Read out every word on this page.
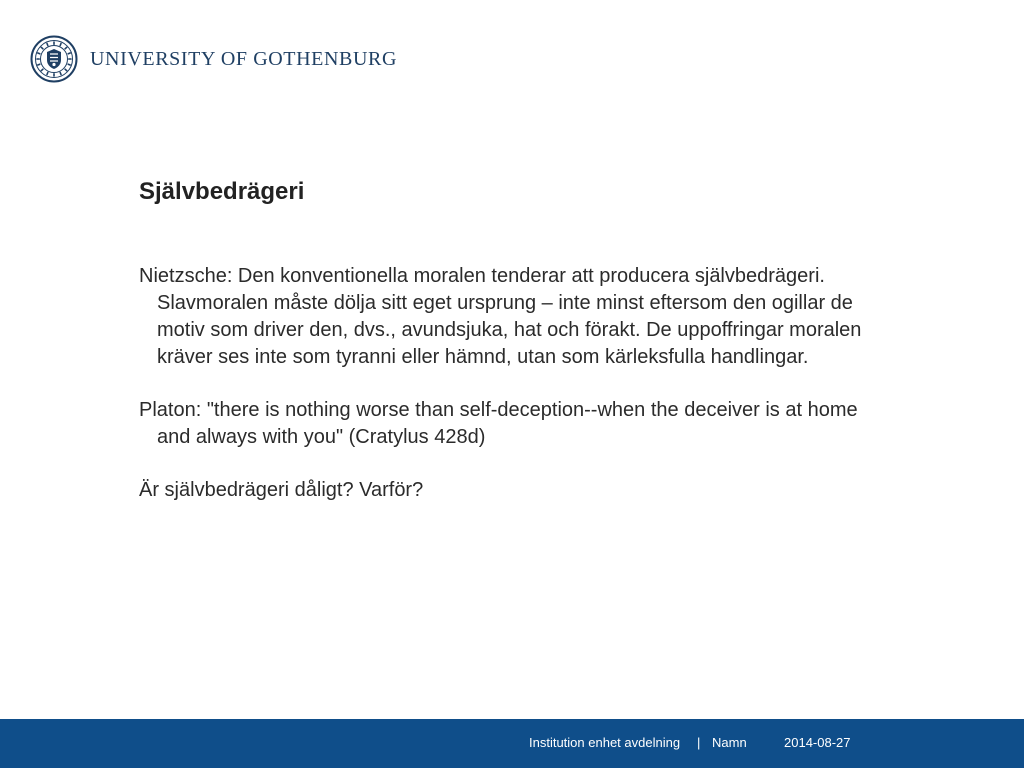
UNIVERSITY OF GOTHENBURG
Självbedrägeri

Nietzsche: Den konventionella moralen tenderar att producera självbedrägeri. Slavmoralen måste dölja sitt eget ursprung – inte minst eftersom den ogillar de motiv som driver den, dvs., avundsjuka, hat och förakt. De uppoffringar moralen kräver ses inte som tyranni eller hämnd, utan som kärleksfulla handlingar.

Platon: "there is nothing worse than self-deception--when the deceiver is at home and always with you" (Cratylus 428d)

Är självbedrägeri dåligt? Varför?

Institution enhet avdelning | Namn	2014-08-27
